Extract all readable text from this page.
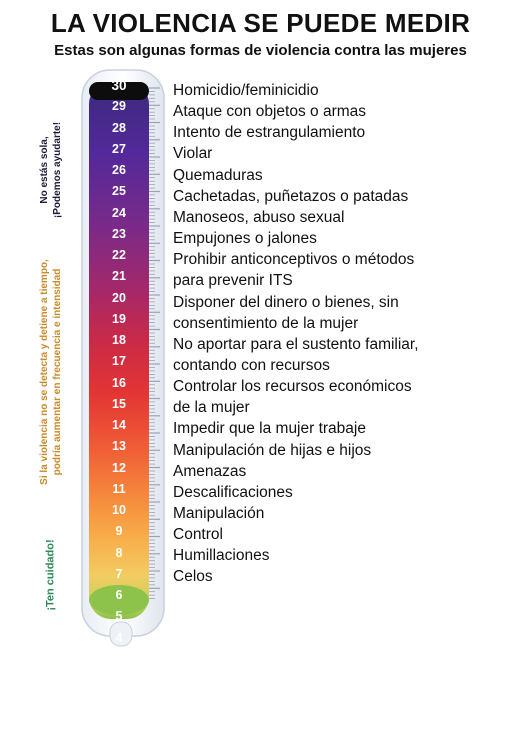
LA VIOLENCIA SE PUEDE MEDIR
Estas son algunas formas de violencia contra las mujeres
No estás sola, ¡Podemos ayudarte!
Si la violencia no se detecta y detiene a tiempo, podría aumentar en frecuencia e intensidad
¡Ten cuidado!
30
29
28
27
26
25
24
23
22
21
20
19
18
17
16
15
14
13
12
11
10
9
8
7
6
5
4
3
2
1
0
Homicidio/feminicidio
Ataque con objetos o armas
Intento de estrangulamiento
Violar
Quemaduras
Cachetadas, puñetazos o patadas
Manoseos, abuso sexual
Empujones o jalones
Prohibir anticonceptivos o métodos
para prevenir ITS
Disponer del dinero o bienes, sin
consentimiento de la mujer
No aportar para el sustento familiar,
contando con recursos
Controlar los recursos económicos
de la mujer
Impedir que la mujer trabaje
Manipulación de hijas e hijos
Amenazas
Descalificaciones
Manipulación
Control
Humillaciones
Celos
